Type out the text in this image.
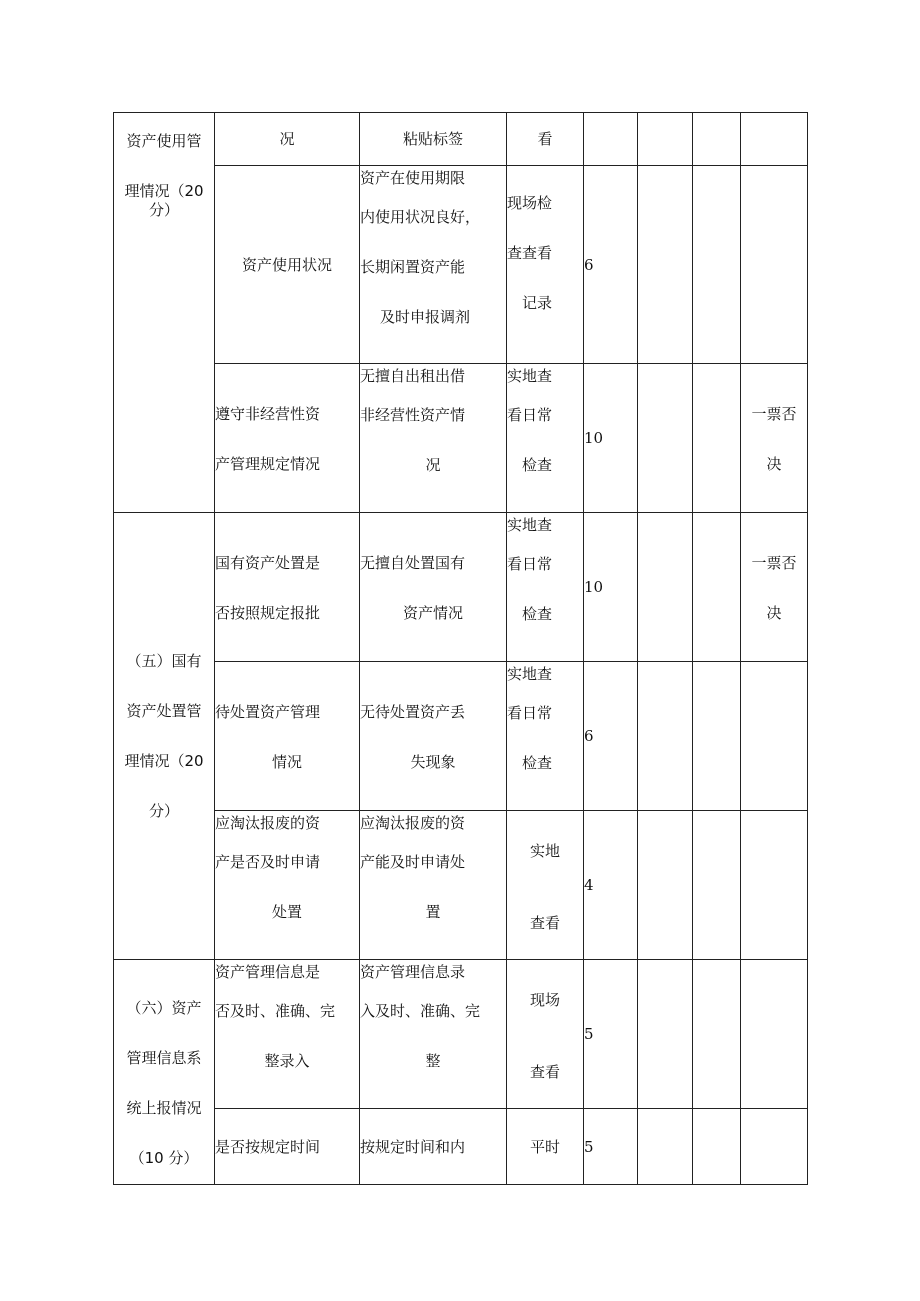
资产使用管
理情况（20
分）	况	粘贴标签	看				

	资产使用状况	资产在使用期限
内使用状况良好，
长期闲置资产能
及时申报调剂	现场检
查查看
记录	6			

	遵守非经营性资
产管理规定情况	无擅自出租出借
非经营性资产情
况	实地查
看日常
检查	10			一票否
决

（五）国有
资产处置管
理情况（20
分）	国有资产处置是
否按照规定报批	无擅自处置国有
资产情况	实地查
看日常
检查	10			一票否
决

	待处置资产管理
情况	无待处置资产丢
失现象	实地查
看日常
检查	6			

	应淘汰报废的资
产是否及时申请
处置	应淘汰报废的资
产能及时申请处
置	实地
查看	4			

（六）资产
管理信息系
统上报情况
（10 分）	资产管理信息是
否及时、准确、完
整录入	资产管理信息录
入及时、准确、完
整	现场
查看	5			

	是否按规定时间	按规定时间和内	平时	5			
